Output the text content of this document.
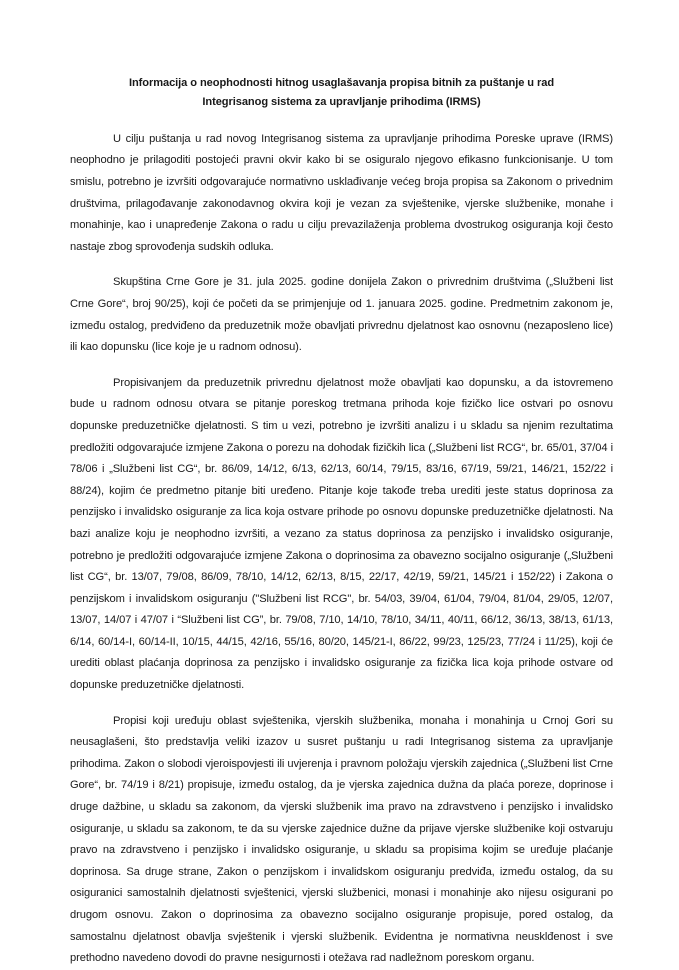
Informacija o neophodnosti hitnog usaglašavanja propisa bitnih za puštanje u rad
Integrisanog sistema za upravljanje prihodima (IRMS)

U cilju puštanja u rad novog Integrisanog sistema za upravljanje prihodima Poreske uprave (IRMS) neophodno je prilagoditi postojeći pravni okvir kako bi se osiguralo njegovo efikasno funkcionisanje. U tom smislu, potrebno je izvršiti odgovarajuće normativno usklađivanje većeg broja propisa sa Zakonom o privednim društvima, prilagođavanje zakonodavnog okvira koji je vezan za svještenike, vjerske službenike, monahe i monahinje, kao i unapređenje Zakona o radu u cilju prevazilaženja problema dvostrukog osiguranja koji često nastaje zbog sprovođenja sudskih odluka.

Skupština Crne Gore je 31. jula 2025. godine donijela Zakon o privrednim društvima („Službeni list Crne Gore“, broj 90/25), koji će početi da se primjenjuje od 1. januara 2025. godine. Predmetnim zakonom je, između ostalog, predviđeno da preduzetnik može obavljati privrednu djelatnost kao osnovnu (nezaposleno lice) ili kao dopunsku (lice koje je u radnom odnosu).

Propisivanjem da preduzetnik privrednu djelatnost može obavljati kao dopunsku, a da istovremeno bude u radnom odnosu otvara se pitanje poreskog tretmana prihoda koje fizičko lice ostvari po osnovu dopunske preduzetničke djelatnosti. S tim u vezi, potrebno je izvršiti analizu i u skladu sa njenim rezultatima predložiti odgovarajuće izmjene Zakona o porezu na dohodak fizičkih lica („Službeni list RCG“, br. 65/01, 37/04 i 78/06 i „Službeni list CG“, br. 86/09, 14/12, 6/13, 62/13, 60/14, 79/15, 83/16, 67/19, 59/21, 146/21, 152/22 i 88/24), kojim će predmetno pitanje biti uređeno. Pitanje koje takođe treba urediti jeste status doprinosa za penzijsko i invalidsko osiguranje za lica koja ostvare prihode po osnovu dopunske preduzetničke djelatnosti. Na bazi analize koju je neophodno izvršiti, a vezano za status doprinosa za penzijsko i invalidsko osiguranje, potrebno je predložiti odgovarajuće izmjene Zakona o doprinosima za obavezno socijalno osiguranje („Službeni list CG“, br. 13/07, 79/08, 86/09, 78/10, 14/12, 62/13, 8/15, 22/17, 42/19, 59/21, 145/21 i 152/22) i Zakona o penzijskom i invalidskom osiguranju ("Službeni list RCG", br. 54/03, 39/04, 61/04, 79/04, 81/04, 29/05, 12/07, 13/07, 14/07 i 47/07 i “Službeni list CG”, br. 79/08, 7/10, 14/10, 78/10, 34/11, 40/11, 66/12, 36/13, 38/13, 61/13, 6/14, 60/14-I, 60/14-II, 10/15, 44/15, 42/16, 55/16, 80/20, 145/21-I, 86/22, 99/23, 125/23, 77/24 i 11/25), koji će urediti oblast plaćanja doprinosa za penzijsko i invalidsko osiguranje za fizička lica koja prihode ostvare od dopunske preduzetničke djelatnosti.

Propisi koji uređuju oblast svještenika, vjerskih službenika, monaha i monahinja u Crnoj Gori su neusaglašeni, što predstavlja veliki izazov u susret puštanju u radi Integrisanog sistema za upravljanje prihodima. Zakon o slobodi vjeroispovjesti ili uvjerenja i pravnom položaju vjerskih zajednica („Službeni list Crne Gore“, br. 74/19 i 8/21) propisuje, između ostalog, da je vjerska zajednica dužna da plaća poreze, doprinose i druge dažbine, u skladu sa zakonom, da vjerski službenik ima pravo na zdravstveno i penzijsko i invalidsko osiguranje, u skladu sa zakonom, te da su vjerske zajednice dužne da prijave vjerske službenike koji ostvaruju pravo na zdravstveno i penzijsko i invalidsko osiguranje, u skladu sa propisima kojim se uređuje plaćanje doprinosa. Sa druge strane, Zakon o penzijskom i invalidskom osiguranju predviđa, između ostalog, da su osiguranici samostalnih djelatnosti svještenici, vjerski službenici, monasi i monahinje ako nijesu osigurani po drugom osnovu. Zakon o doprinosima za obavezno socijalno osiguranje propisuje, pored ostalog, da samostalnu djelatnost obavlja svještenik i vjerski službenik. Evidentna je normativna neusklđenost i sve prethodno navedeno dovodi do pravne nesigurnosti i otežava rad nadležnom poreskom organu.
